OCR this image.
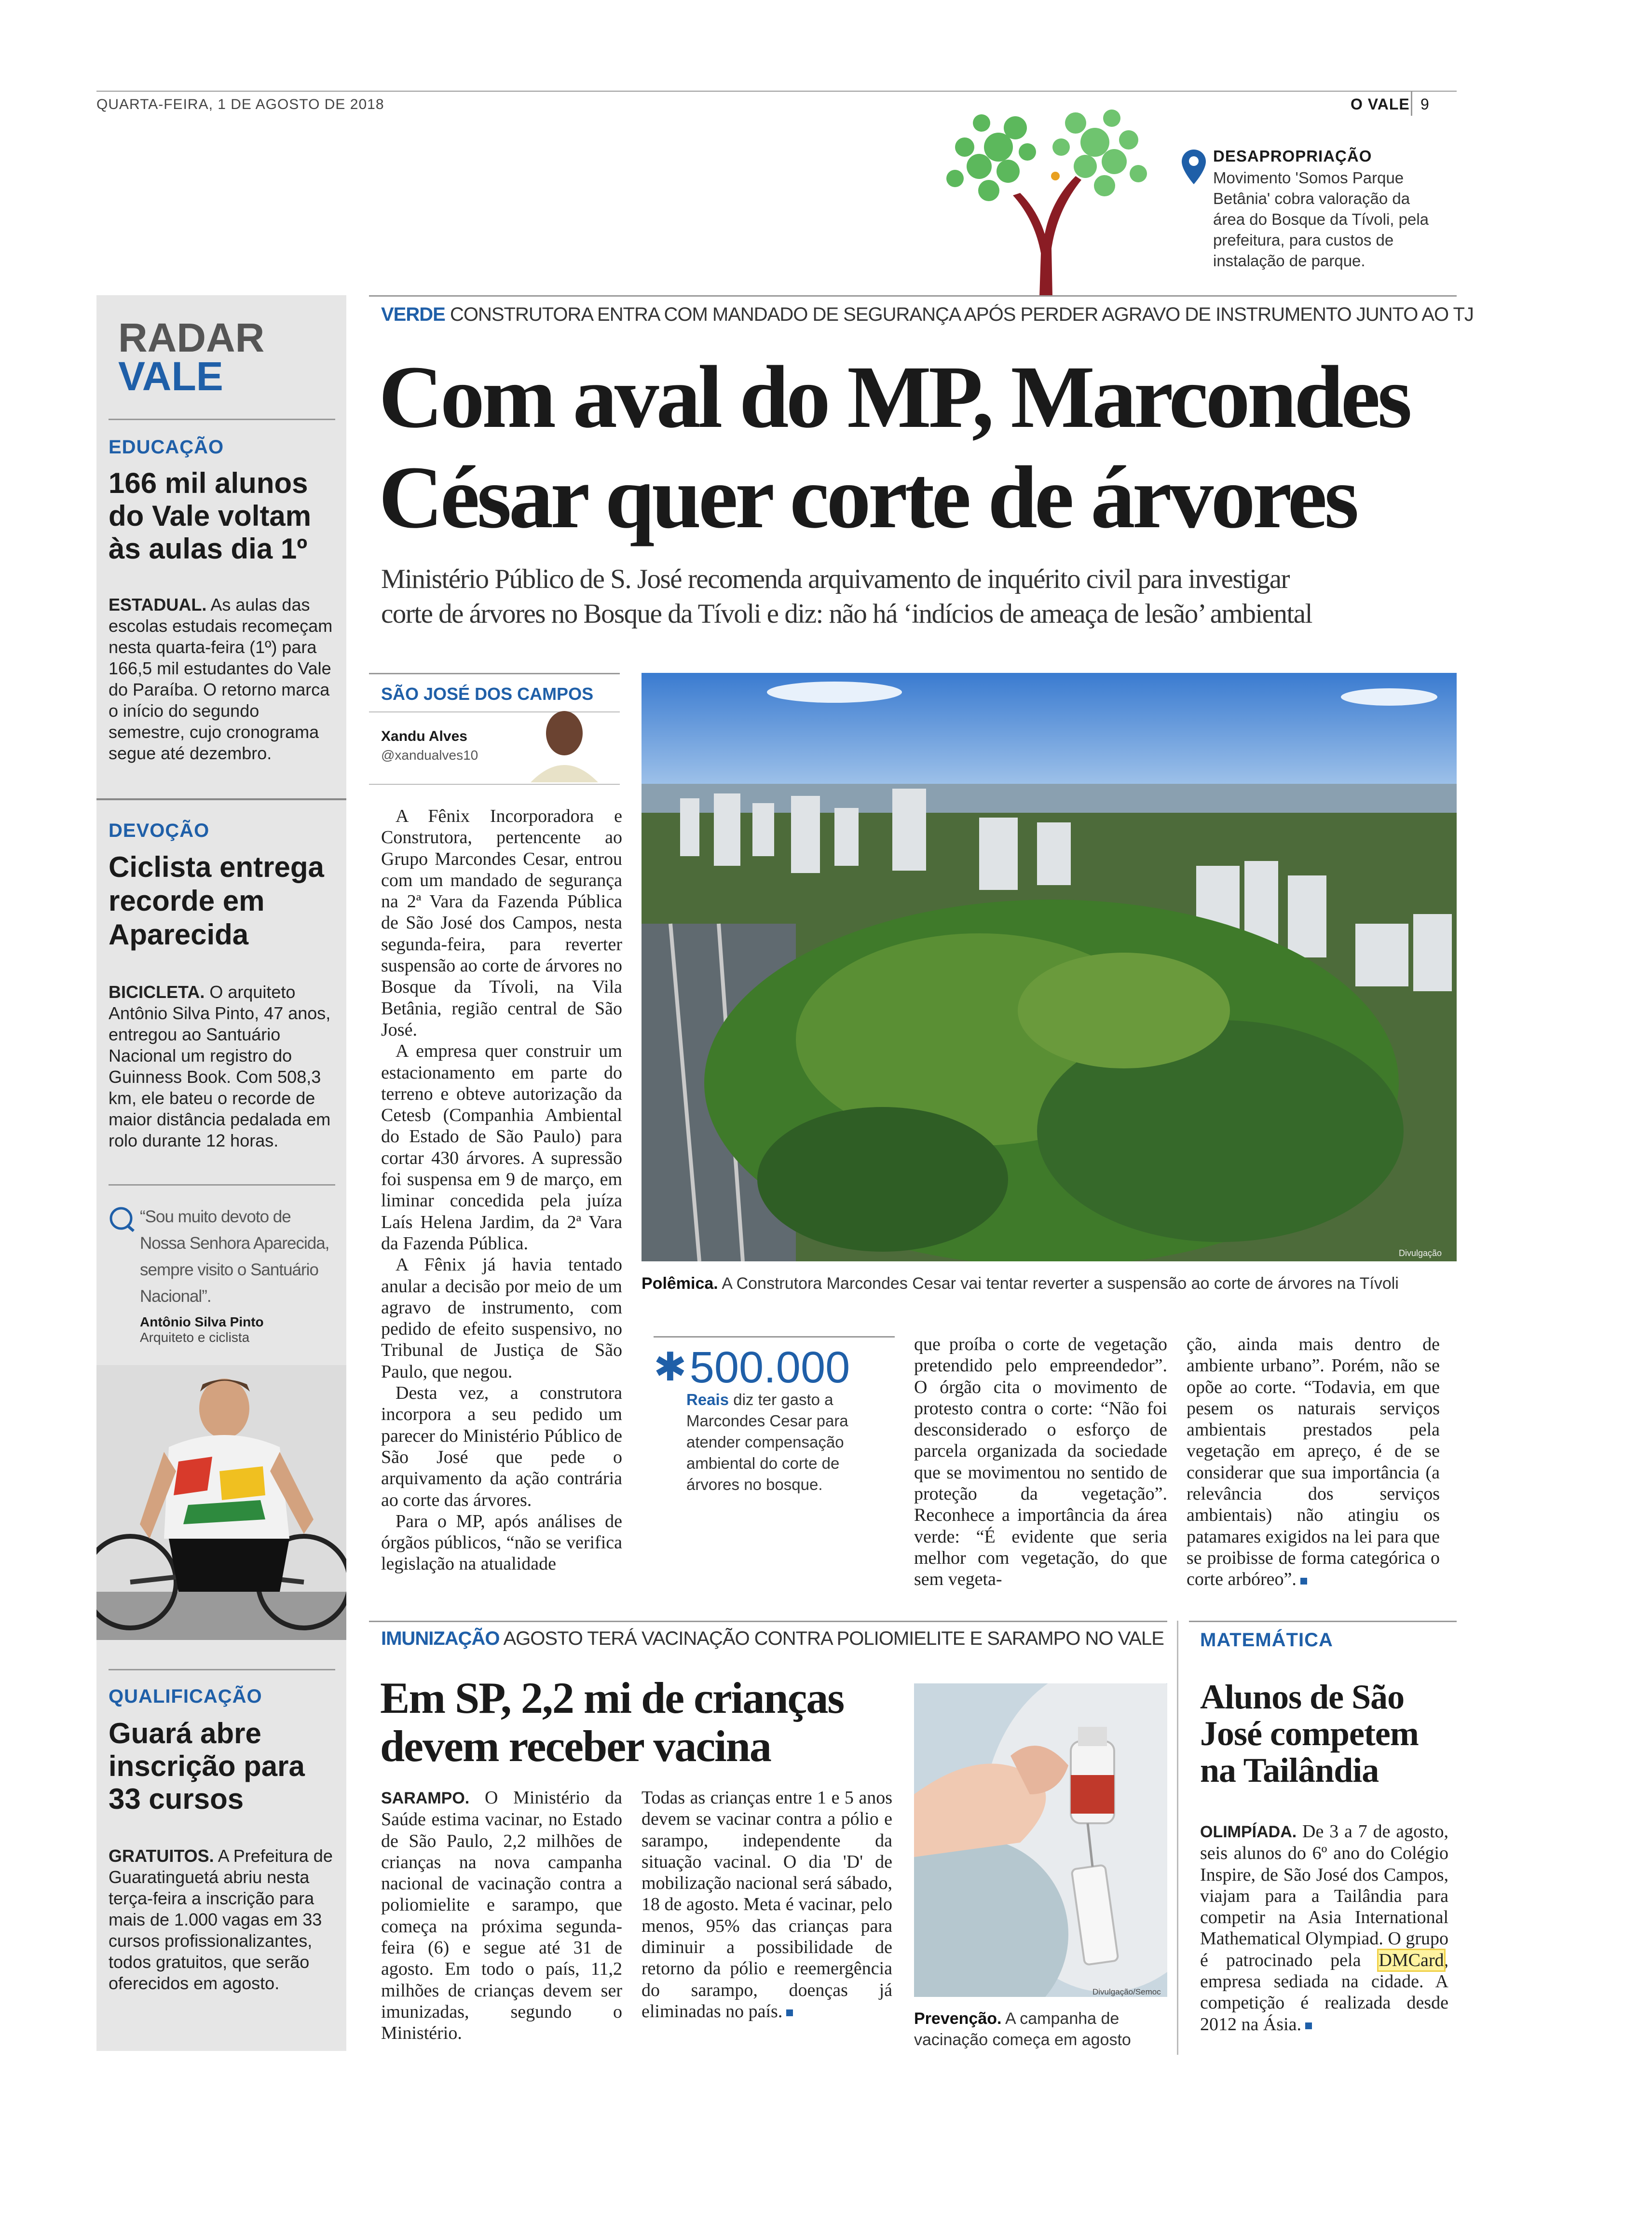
QUARTA-FEIRA, 1 DE AGOSTO DE 2018	O VALE 9
DESAPROPRIAÇÃO
Movimento 'Somos Parque Betânia' cobra valoração da área do Bosque da Tívoli, pela prefeitura, para custos de instalação de parque.
RADAR
VALE
EDUCAÇÃO
166 mil alunos do Vale voltam às aulas dia 1º
ESTADUAL. As aulas das escolas estudais recomeçam nesta quarta-feira (1º) para 166,5 mil estudantes do Vale do Paraíba. O retorno marca o início do segundo semestre, cujo cronograma segue até dezembro.
DEVOÇÃO
Ciclista entrega recorde em Aparecida
BICICLETA. O arquiteto Antônio Silva Pinto, 47 anos, entregou ao Santuário Nacional um registro do Guinness Book. Com 508,3 km, ele bateu o recorde de maior distância pedalada em rolo durante 12 horas.
“Sou muito devoto de Nossa Senhora Aparecida, sempre visito o Santuário Nacional”.
Antônio Silva Pinto
Arquiteto e ciclista
QUALIFICAÇÃO
Guará abre inscrição para 33 cursos
GRATUITOS. A Prefeitura de Guaratinguetá abriu nesta terça-feira a inscrição para mais de 1.000 vagas em 33 cursos profissionalizantes, todos gratuitos, que serão oferecidos em agosto.
VERDE CONSTRUTORA ENTRA COM MANDADO DE SEGURANÇA APÓS PERDER AGRAVO DE INSTRUMENTO JUNTO AO TJ
Com aval do MP, Marcondes
César quer corte de árvores
Ministério Público de S. José recomenda arquivamento de inquérito civil para investigar
corte de árvores no Bosque da Tívoli e diz: não há ‘indícios de ameaça de lesão’ ambiental
SÃO JOSÉ DOS CAMPOS
Xandu Alves
@xandualves10
Divulgação
Polêmica. A Construtora Marcondes Cesar vai tentar reverter a suspensão ao corte de árvores na Tívoli

A Fênix Incorporadora e Construtora, pertencente ao Grupo Marcondes Cesar, entrou com um mandado de segurança na 2ª Vara da Fazenda Pública de São José dos Campos, nesta segunda-feira, para reverter suspensão ao corte de árvores no Bosque da Tívoli, na Vila Betânia, região central de São José.

A empresa quer construir um estacionamento em parte do terreno e obteve autorização da Cetesb (Companhia Ambiental do Estado de São Paulo) para cortar 430 árvores. A supressão foi suspensa em 9 de março, em liminar concedida pela juíza Laís Helena Jardim, da 2ª Vara da Fazenda Pública.

A Fênix já havia tentado anular a decisão por meio de um agravo de instrumento, com pedido de efeito suspensivo, no Tribunal de Justiça de São Paulo, que negou.

Desta vez, a construtora incorpora a seu pedido um parecer do Ministério Público de São José que pede o arquivamento da ação contrária ao corte das árvores.

Para o MP, após análises de órgãos públicos, “não se verifica legislação na atualidade

✱ 500.000
Reais diz ter gasto a Marcondes Cesar para atender compensação ambiental do corte de árvores no bosque.
que proíba o corte de vegetação pretendido pelo empreendedor”. O órgão cita o movimento de protesto contra o corte: “Não foi desconsiderado o esforço de parcela organizada da sociedade que se movimentou no sentido de proteção da vegetação”. Reconhece a importância da área verde: “É evidente que seria melhor com vegetação, do que sem vegeta-
ção, ainda mais dentro de ambiente urbano”. Porém, não se opõe ao corte. “Todavia, em que pesem os naturais serviços ambientais prestados pela vegetação em apreço, é de se considerar que sua importância (a relevância dos serviços ambientais) não atingiu os patamares exigidos na lei para que se proibisse de forma categórica o corte arbóreo”.
IMUNIZAÇÃO AGOSTO TERÁ VACINAÇÃO CONTRA POLIOMIELITE E SARAMPO NO VALE
Em SP, 2,2 mi de crianças
devem receber vacina
SARAMPO. O Ministério da Saúde estima vacinar, no Estado de São Paulo, 2,2 milhões de crianças na nova campanha nacional de vacinação contra a poliomielite e sarampo, que começa na próxima segunda-feira (6) e segue até 31 de agosto. Em todo o país, 11,2 milhões de crianças devem ser imunizadas, segundo o Ministério.

Todas as crianças entre 1 e 5 anos devem se vacinar contra a pólio e sarampo, independente da situação vacinal. O dia 'D' de mobilização nacional será sábado, 18 de agosto. Meta é vacinar, pelo menos, 95% das crianças para diminuir a possibilidade de retorno da pólio e reemergência do sarampo, doenças já eliminadas no país.

Divulgação/Semoc
Prevenção. A campanha de vacinação começa em agosto
MATEMÁTICA
Alunos de São José competem na Tailândia
OLIMPÍADA. De 3 a 7 de agosto, seis alunos do 6º ano do Colégio Inspire, de São José dos Campos, viajam para a Tailândia para competir na Asia International Mathematical Olympiad. O grupo é patrocinado pela DMCard, empresa sediada na cidade. A competição é realizada desde 2012 na Ásia.
